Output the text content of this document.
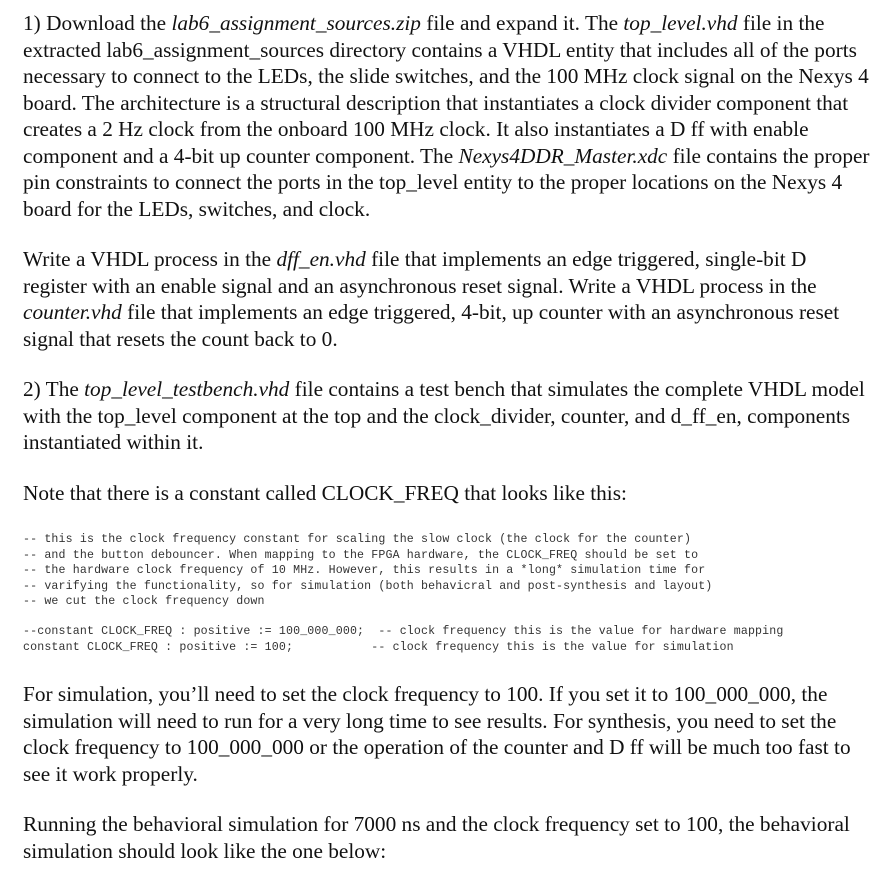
1) Download the lab6_assignment_sources.zip file and expand it. The top_level.vhd file in the extracted lab6_assignment_sources directory contains a VHDL entity that includes all of the ports necessary to connect to the LEDs, the slide switches, and the 100 MHz clock signal on the Nexys 4 board. The architecture is a structural description that instantiates a clock divider component that creates a 2 Hz clock from the onboard 100 MHz clock. It also instantiates a D ff with enable component and a 4-bit up counter component. The Nexys4DDR_Master.xdc file contains the proper pin constraints to connect the ports in the top_level entity to the proper locations on the Nexys 4 board for the LEDs, switches, and clock.

Write a VHDL process in the dff_en.vhd file that implements an edge triggered, single-bit D register with an enable signal and an asynchronous reset signal. Write a VHDL process in the counter.vhd file that implements an edge triggered, 4-bit, up counter with an asynchronous reset signal that resets the count back to 0.

2) The top_level_testbench.vhd file contains a test bench that simulates the complete VHDL model with the top_level component at the top and the clock_divider, counter, and d_ff_en, components instantiated within it.

Note that there is a constant called CLOCK_FREQ that looks like this:

-- this is the clock frequency constant for scaling the slow clock (the clock for the counter)
-- and the button debouncer. When mapping to the FPGA hardware, the CLOCK_FREQ should be set to
-- the hardware clock frequency of 10 MHz. However, this results in a *long* simulation time for
-- varifying the functionality, so for simulation (both behavicral and post-synthesis and layout)
-- we cut the clock frequency down
--constant CLOCK_FREQ : positive := 100_000_000;  -- clock frequency this is the value for hardware mapping
constant CLOCK_FREQ : positive := 100;           -- clock frequency this is the value for simulation

For simulation, you’ll need to set the clock frequency to 100. If you set it to 100_000_000, the simulation will need to run for a very long time to see results. For synthesis, you need to set the clock frequency to 100_000_000 or the operation of the counter and D ff will be much too fast to see it work properly.

Running the behavioral simulation for 7000 ns and the clock frequency set to 100, the behavioral simulation should look like the one below:
